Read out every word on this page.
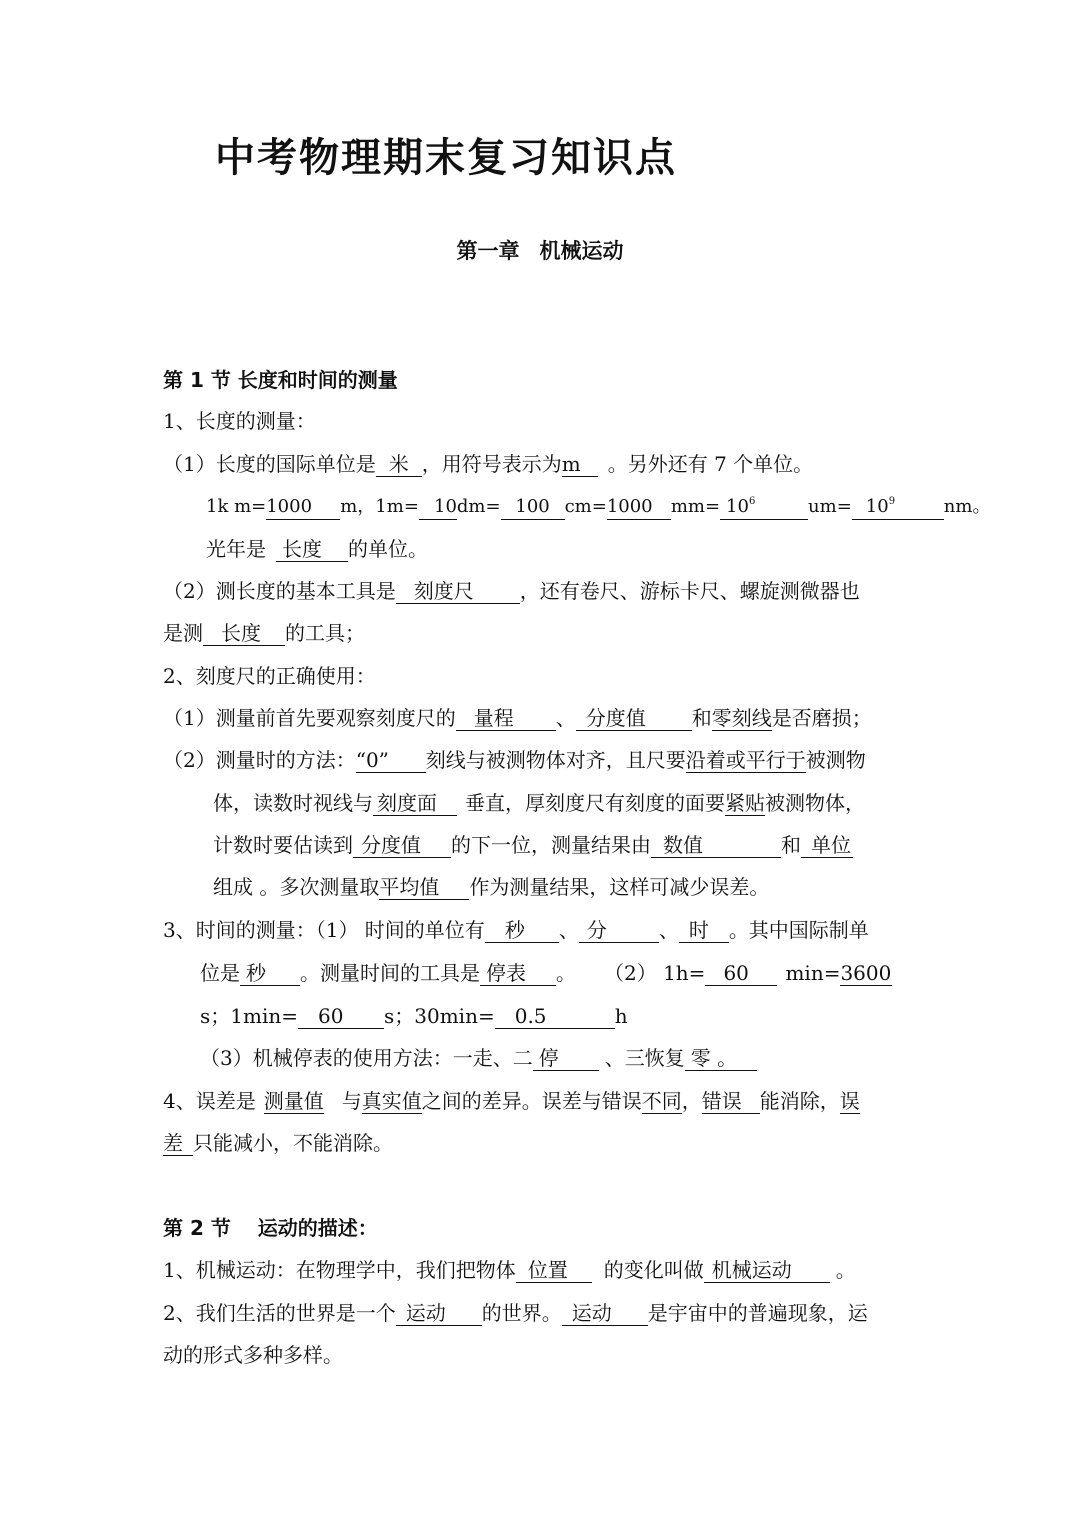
中考物理期末复习知识点
第一章 机械运动
第 1 节 长度和时间的测量
1、长度的测量：
（1）长度的国际单位是 米 ，用符号表示为m 。另外还有 7 个单位。
1k m=1000 m，1m= 10dm= 100 cm=1000 $mm= 10^6$	$um= 10^9$	nm。
光年是 长度 的单位。
（2）测长度的基本工具是 刻度尺 ，还有卷尺、游标卡尺、螺旋测微器也
是测 长度 的工具；
2、刻度尺的正确使用：
（1）测量前首先要观察刻度尺的 量程 、 分度值 和零刻线是否磨损；
（2）测量时的方法：“0” 刻线与被测物体对齐，且尺要沿着或平行于被测物
体，读数时视线与 刻度面 垂直，厚刻度尺有刻度的面要紧贴被测物体，
计数时要估读到 分度值 的下一位，测量结果由 数值	和 单位
组成 。多次测量取平均值 作为测量结果，这样可减少误差。
3、时间的测量：（1） 时间的单位有 秒 、 分	、 时 。其中国际制单
位是 秒 。测量时间的工具是 停表 。 （2） 1h= 60 min=3600
s；1min= 60 s；30min= 0.5	h
（3）机械停表的使用方法：一走、二 停 、三恢复 零 。
4、误差是 测量值 与真实值之间的差异。误差与错误不同，错误 能消除，误
差 只能减小，不能消除。
第 2 节　 运动的描述：
1、机械运动：在物理学中，我们把物体 位置 的变化叫做 机械运动 。
2、我们生活的世界是一个 运动 的世界。 运动 是宇宙中的普遍现象，运
动的形式多种多样。
